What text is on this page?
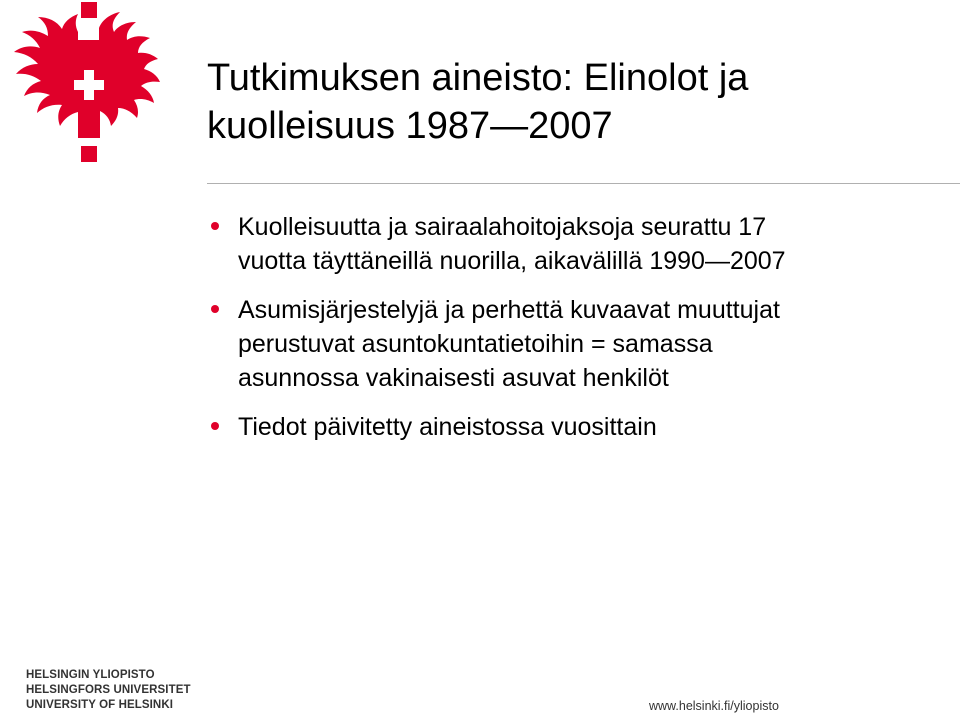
Tutkimuksen aineisto: Elinolot ja
kuolleisuus 1987—2007
Kuolleisuutta ja sairaalahoitojaksoja seurattu 17
vuotta täyttäneillä nuorilla, aikavälillä 1990—2007
Asumisjärjestelyjä ja perhettä kuvaavat muuttujat
perustuvat asuntokuntatietoihin = samassa
asunnossa vakinaisesti asuvat henkilöt
Tiedot päivitetty aineistossa vuosittain
HELSINGIN YLIOPISTO
HELSINGFORS UNIVERSITET
UNIVERSITY OF HELSINKI	www.helsinki.fi/yliopisto
